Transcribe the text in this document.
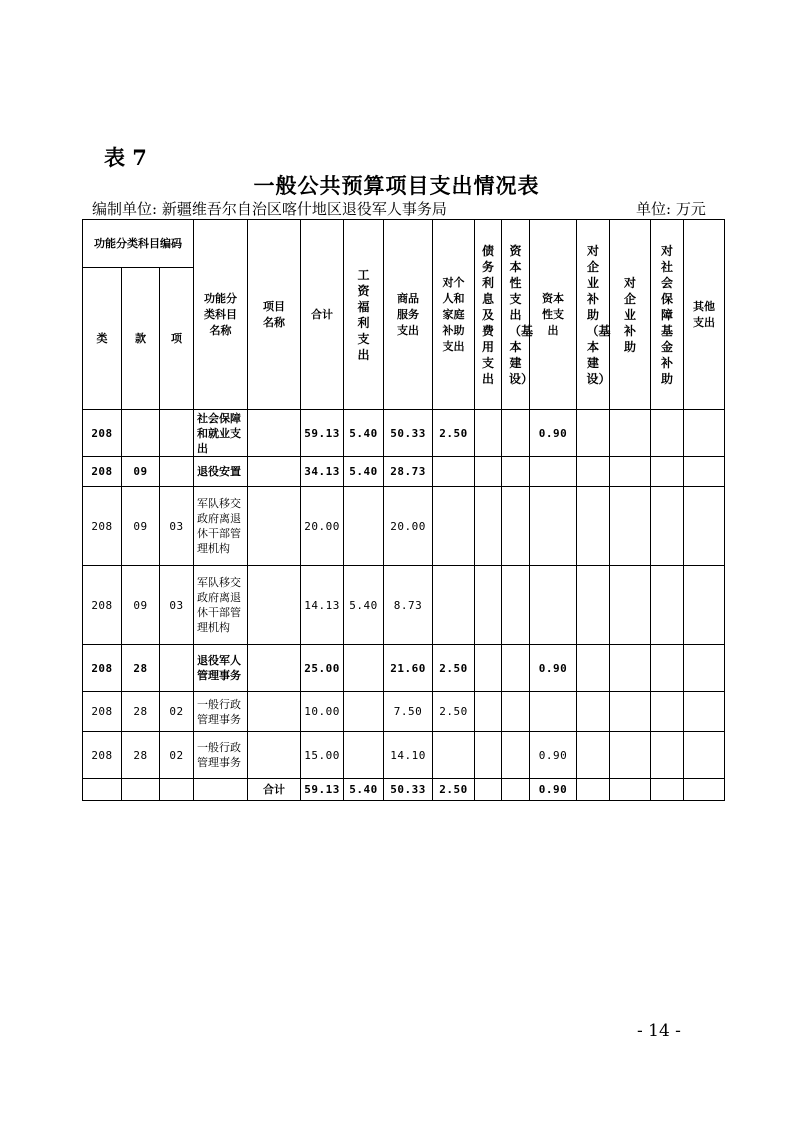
表 7
一般公共预算项目支出情况表
编制单位: 新疆维吾尔自治区喀什地区退役军人事务局	单位: 万元
功能分类科目编码			功能分类科目名称	项目名称	合计	工资福利支出	商品服务支出	对个人和家庭补助支出	债务利息及费用支出	资本性支出（基本建设）	资本性支出	对企业补助（基本建设）	对企业补助	对社会保障基金补助	其他支出
类	款	项													
208			社会保障和就业支出		59.13	5.40	50.33	2.50			0.90				
208	09		退役安置		34.13	5.40	28.73								
208	09	03	军队移交政府离退休干部管理机构		20.00		20.00								
208	09	03	军队移交政府离退休干部管理机构		14.13	5.40	8.73								
208	28		退役军人管理事务		25.00		21.60	2.50			0.90				
208	28	02	一般行政管理事务		10.00		7.50	2.50							
208	28	02	一般行政管理事务		15.00		14.10				0.90				
				合计	59.13	5.40	50.33	2.50			0.90				
- 14 -
